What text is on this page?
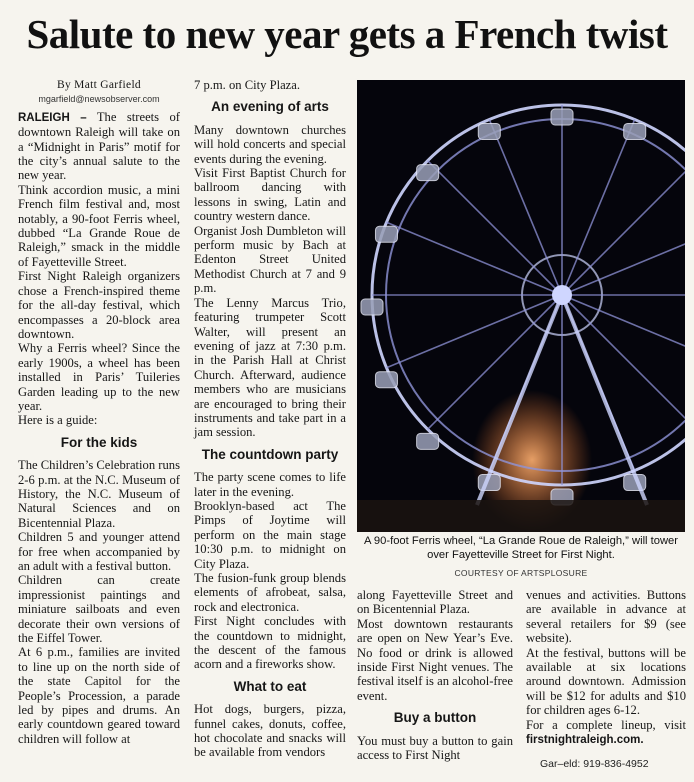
Salute to new year gets a French twist

By Matt Garfield

mgarfield@newsobserver.com

RALEIGH – The streets of downtown Raleigh will take on a “Midnight in Paris” motif for the city’s annual salute to the new year.

Think accordion music, a mini French film festival and, most notably, a 90-foot Ferris wheel, dubbed “La Grande Roue de Raleigh,” smack in the middle of Fayetteville Street.

First Night Raleigh organizers chose a French-inspired theme for the all-day festival, which encompasses a 20-block area downtown.

Why a Ferris wheel? Since the early 1900s, a wheel has been installed in Paris’ Tuileries Garden leading up to the new year.

Here is a guide:

For the kids

The Children’s Celebration runs 2-6 p.m. at the N.C. Museum of History, the N.C. Museum of Natural Sciences and on Bicentennial Plaza.

Children 5 and younger attend for free when accompanied by an adult with a festival button.

Children can create impressionist paintings and miniature sailboats and even decorate their own versions of the Eiffel Tower.

At 6 p.m., families are invited to line up on the north side of the state Capitol for the People’s Procession, a parade led by pipes and drums. An early countdown geared toward children will follow at

7 p.m. on City Plaza.

An evening of arts

Many downtown churches will hold concerts and special events during the evening.

Visit First Baptist Church for ballroom dancing with lessons in swing, Latin and country western dance.

Organist Josh Dumbleton will perform music by Bach at Edenton Street United Methodist Church at 7 and 9 p.m.

The Lenny Marcus Trio, featuring trumpeter Scott Walter, will present an evening of jazz at 7:30 p.m. in the Parish Hall at Christ Church. Afterward, audience members who are musicians are encouraged to bring their instruments and take part in a jam session.

The countdown party

The party scene comes to life later in the evening.

Brooklyn-based act The Pimps of Joytime will perform on the main stage 10:30 p.m. to midnight on City Plaza.

The fusion-funk group blends elements of afrobeat, salsa, rock and electronica.

First Night concludes with the countdown to midnight, the descent of the famous acorn and a fireworks show.

What to eat

Hot dogs, burgers, pizza, funnel cakes, donuts, coffee, hot chocolate and snacks will be available from vendors

A 90-foot Ferris wheel, “La Grande Roue de Raleigh,” will tower over Fayetteville Street for First Night.
COURTESY OF ARTSPLOSURE

along Fayetteville Street and on Bicentennial Plaza.

Most downtown restaurants are open on New Year’s Eve. No food or drink is allowed inside First Night venues. The festival itself is an alcohol-free event.

Buy a button

You must buy a button to gain access to First Night

venues and activities. Buttons are available in advance at several retailers for $9 (see website).

At the festival, buttons will be available at six locations around downtown. Admission will be $12 for adults and $10 for children ages 6-12.

For a complete lineup, visit firstnightraleigh.com.

Gar–eld: 919-836-4952
